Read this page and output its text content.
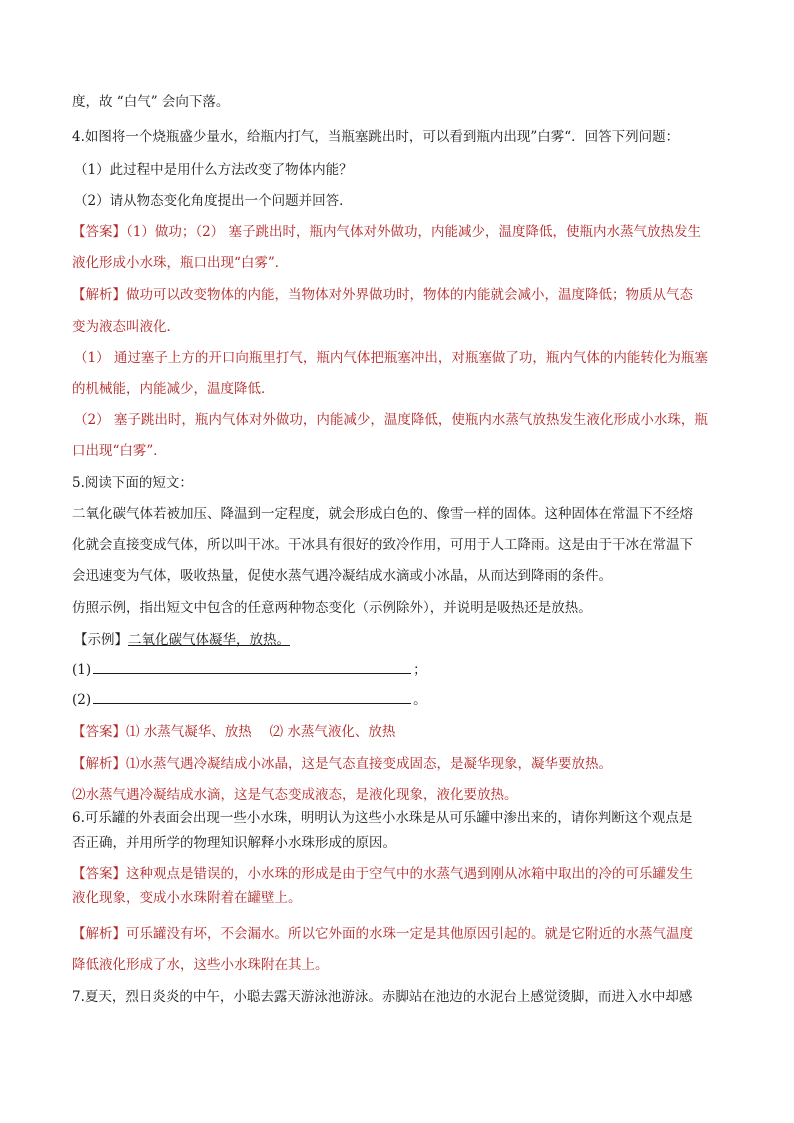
度，故 “白气” 会向下落。
4.如图将一个烧瓶盛少量水，给瓶内打气，当瓶塞跳出时，可以看到瓶内出现”白雾“．回答下列问题：
（1）此过程中是用什么方法改变了物体内能？
（2）请从物态变化角度提出一个问题并回答．
【答案】（1）做功；（2） 塞子跳出时，瓶内气体对外做功，内能减少，温度降低，使瓶内水蒸气放热发生
液化形成小水珠，瓶口出现“白雾”．
【解析】做功可以改变物体的内能，当物体对外界做功时，物体的内能就会减小，温度降低；物质从气态
变为液态叫液化．
（1） 通过塞子上方的开口向瓶里打气，瓶内气体把瓶塞冲出，对瓶塞做了功，瓶内气体的内能转化为瓶塞
的机械能，内能减少，温度降低．
（2） 塞子跳出时，瓶内气体对外做功，内能减少，温度降低，使瓶内水蒸气放热发生液化形成小水珠，瓶
口出现“白雾”．
5.阅读下面的短文：
二氧化碳气体若被加压、降温到一定程度，就会形成白色的、像雪一样的固体。这种固体在常温下不经熔
化就会直接变成气体，所以叫干冰。干冰具有很好的致冷作用，可用于人工降雨。这是由于干冰在常温下
会迅速变为气体，吸收热量，促使水蒸气遇冷凝结成水滴或小冰晶，从而达到降雨的条件。
仿照示例，指出短文中包含的任意两种物态变化（示例除外），并说明是吸热还是放热。
【示例】二氧化碳气体凝华，放热。
(1)	；
(2)	。
【答案】⑴ 水蒸气凝华、放热　 ⑵ 水蒸气液化、放热
【解析】⑴水蒸气遇冷凝结成小冰晶，这是气态直接变成固态，是凝华现象，凝华要放热。
⑵水蒸气遇冷凝结成水滴，这是气态变成液态，是液化现象，液化要放热。
6.可乐罐的外表面会出现一些小水珠，明明认为这些小水珠是从可乐罐中渗出来的，请你判断这个观点是
否正确，并用所学的物理知识解释小水珠形成的原因。
【答案】这种观点是错误的，小水珠的形成是由于空气中的水蒸气遇到刚从冰箱中取出的冷的可乐罐发生
液化现象，变成小水珠附着在罐壁上。
【解析】可乐罐没有坏，不会漏水。所以它外面的水珠一定是其他原因引起的。就是它附近的水蒸气温度
降低液化形成了水，这些小水珠附在其上。
7.夏天，烈日炎炎的中午，小聪去露天游泳池游泳。赤脚站在池边的水泥台上感觉烫脚，而进入水中却感
